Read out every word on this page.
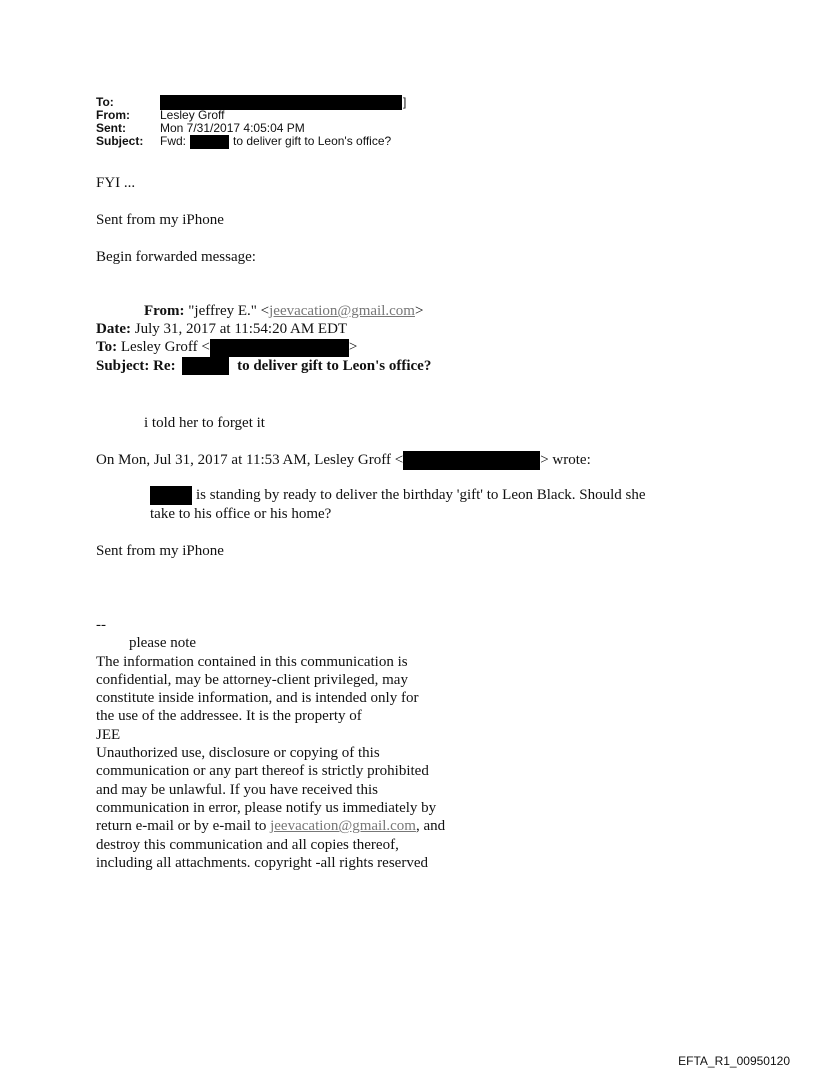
To:	]
From:	Lesley Groff
Sent:	Mon 7/31/2017 4:05:04 PM
Subject:	Fwd:	to deliver gift to Leon's office?
FYI ...
Sent from my iPhone
Begin forwarded message:
From: "jeffrey E." <jeevacation@gmail.com>
Date: July 31, 2017 at 11:54:20 AM EDT
To: Lesley Groff <	>
Subject: Re:	to deliver gift to Leon's office?
i told her to forget it
On Mon, Jul 31, 2017 at 11:53 AM, Lesley Groff <	> wrote:
is standing by ready to deliver the birthday 'gift' to Leon Black. Should she
take to his office or his home?
Sent from my iPhone
--
please note
The information contained in this communication is
confidential, may be attorney-client privileged, may
constitute inside information, and is intended only for
the use of the addressee. It is the property of
JEE
Unauthorized use, disclosure or copying of this
communication or any part thereof is strictly prohibited
and may be unlawful. If you have received this
communication in error, please notify us immediately by
return e-mail or by e-mail to jeevacation@gmail.com, and
destroy this communication and all copies thereof,
including all attachments. copyright -all rights reserved
EFTA_R1_00950120
